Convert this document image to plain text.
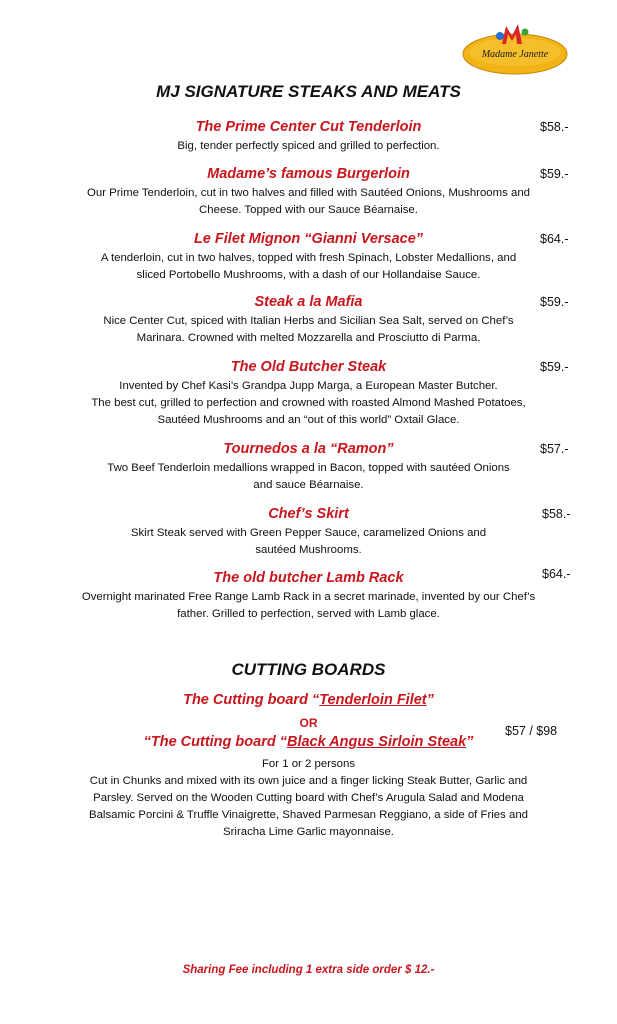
Madame Janette
MJ SIGNATURE STEAKS AND MEATS
The Prime Center Cut Tenderloin	$58.-
Big, tender perfectly spiced and grilled to perfection.
Madame’s famous Burgerloin	$59.-
Our Prime Tenderloin, cut in two halves and filled with Sautéed Onions, Mushrooms and
Cheese. Topped with our Sauce Béarnaise.
Le Filet Mignon “Gianni Versace”	$64.-
A tenderloin, cut in two halves, topped with fresh Spinach, Lobster Medallions, and
sliced Portobello Mushrooms, with a dash of our Hollandaise Sauce.
Steak a la Mafia	$59.-
Nice Center Cut, spiced with Italian Herbs and Sicilian Sea Salt, served on Chef’s
Marinara. Crowned with melted Mozzarella and Prosciutto di Parma.
The Old Butcher Steak	$59.-
Invented by Chef Kasi’s Grandpa Jupp Marga, a European Master Butcher.
The best cut, grilled to perfection and crowned with roasted Almond Mashed Potatoes,
Sautéed Mushrooms and an “out of this world” Oxtail Glace.
Tournedos a la “Ramon”	$57.-
Two Beef Tenderloin medallions wrapped in Bacon, topped with sautéed Onions
and sauce Béarnaise.
Chef’s Skirt	$58.-
Skirt Steak served with Green Pepper Sauce, caramelized Onions and
sautéed Mushrooms.
The old butcher Lamb Rack	$64.-
Overnight marinated Free Range Lamb Rack in a secret marinade, invented by our Chef’s
father. Grilled to perfection, served with Lamb glace.
CUTTING BOARDS
The Cutting board “Tenderloin Filet”
OR
“The Cutting board “Black Angus Sirloin Steak”
$57 / $98
For 1 or 2 persons
Cut in Chunks and mixed with its own juice and a finger licking Steak Butter, Garlic and
Parsley. Served on the Wooden Cutting board with Chef’s Arugula Salad and Modena
Balsamic Porcini & Truffle Vinaigrette, Shaved Parmesan Reggiano, a side of Fries and
Sriracha Lime Garlic mayonnaise.
Sharing Fee including 1 extra side order $ 12.-
